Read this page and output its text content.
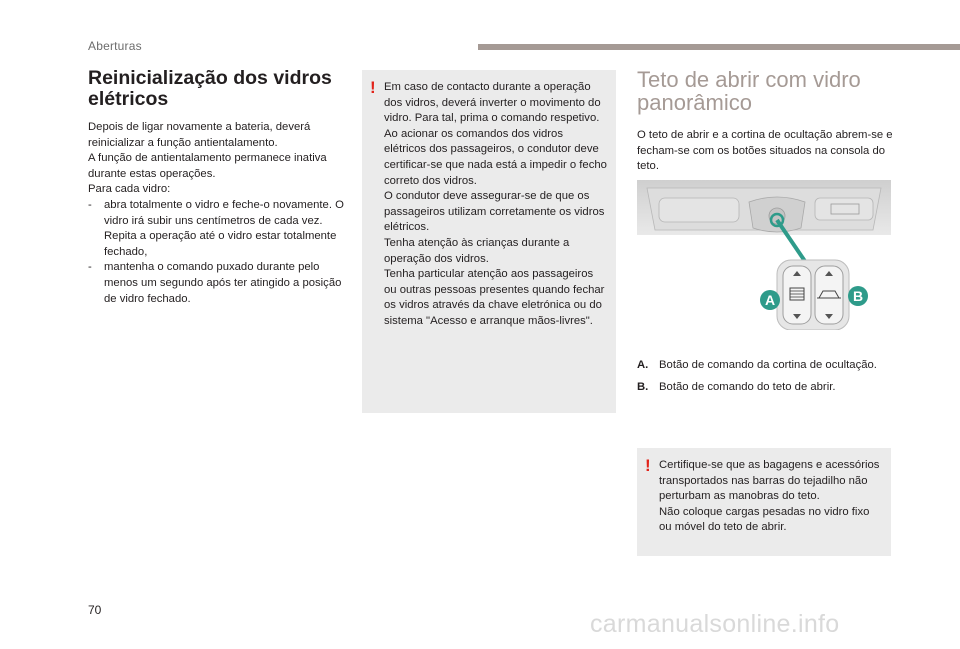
Aberturas
Reinicialização dos vidros elétricos

Depois de ligar novamente a bateria, deverá reinicializar a função antientalamento.

A função de antientalamento permanece inativa durante estas operações.

Para cada vidro:

- abra totalmente o vidro e feche-o novamente. O vidro irá subir uns centímetros de cada vez. Repita a operação até o vidro estar totalmente fechado,
- mantenha o comando puxado durante pelo menos um segundo após ter atingido a posição de vidro fechado.
! Em caso de contacto durante a operação dos vidros, deverá inverter o movimento do vidro. Para tal, prima o comando respetivo.

Ao acionar os comandos dos vidros elétricos dos passageiros, o condutor deve certificar-se que nada está a impedir o fecho correto dos vidros.

O condutor deve assegurar-se de que os passageiros utilizam corretamente os vidros elétricos.

Tenha atenção às crianças durante a operação dos vidros.

Tenha particular atenção aos passageiros ou outras pessoas presentes quando fechar os vidros através da chave eletrónica ou do sistema "Acesso e arranque mãos-livres".

Teto de abrir com vidro panorâmico

O teto de abrir e a cortina de ocultação abrem-se e fecham-se com os botões situados na consola do teto.

A	B
A. Botão de comando da cortina de ocultação.
B. Botão de comando do teto de abrir.
! Certifique-se que as bagagens e acessórios transportados nas barras do tejadilho não perturbam as manobras do teto.

Não coloque cargas pesadas no vidro fixo ou móvel do teto de abrir.

70	carmanualsonline.info
